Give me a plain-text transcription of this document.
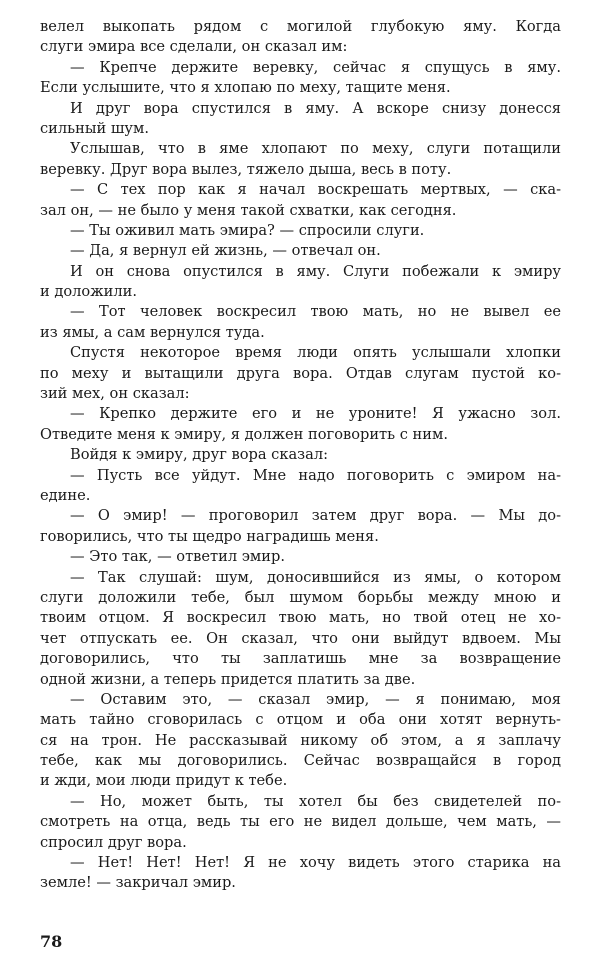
велел выкопать рядом с могилой глубокую яму. Когда
слуги эмира все сделали, он сказал им:
— Крепче держите веревку, сейчас я спущусь в яму.
Если услышите, что я хлопаю по меху, тащите меня.
И друг вора спустился в яму. А вскоре снизу донесся
сильный шум.
Услышав, что в яме хлопают по меху, слуги потащили
веревку. Друг вора вылез, тяжело дыша, весь в поту.
— С тех пор как я начал воскрешать мертвых, — ска-
зал он, — не было у меня такой схватки, как сегодня.
— Ты оживил мать эмира? — спросили слуги.
— Да, я вернул ей жизнь, — отвечал он.
И он снова опустился в яму. Слуги побежали к эмиру
и доложили.
— Тот человек воскресил твою мать, но не вывел ее
из ямы, а сам вернулся туда.
Спустя некоторое время люди опять услышали хлопки
по меху и вытащили друга вора. Отдав слугам пустой ко-
зий мех, он сказал:
— Крепко держите его и не уроните! Я ужасно зол.
Отведите меня к эмиру, я должен поговорить с ним.
Войдя к эмиру, друг вора сказал:
— Пусть все уйдут. Мне надо поговорить с эмиром на-
едине.
— О эмир! — проговорил затем друг вора. — Мы до-
говорились, что ты щедро наградишь меня.
— Это так, — ответил эмир.
— Так слушай: шум, доносившийся из ямы, о котором
слуги доложили тебе, был шумом борьбы между мною и
твоим отцом. Я воскресил твою мать, но твой отец не хо-
чет отпускать ее. Он сказал, что они выйдут вдвоем. Мы
договорились, что ты заплатишь мне за возвращение
одной жизни, а теперь придется платить за две.
— Оставим это, — сказал эмир, — я понимаю, моя
мать тайно сговорилась с отцом и оба они хотят вернуть-
ся на трон. Не рассказывай никому об этом, а я заплачу
тебе, как мы договорились. Сейчас возвращайся в город
и жди, мои люди придут к тебе.
— Но, может быть, ты хотел бы без свидетелей по-
смотреть на отца, ведь ты его не видел дольше, чем мать, —
спросил друг вора.
— Нет! Нет! Нет! Я не хочу видеть этого старика на
земле! — закричал эмир.
78
